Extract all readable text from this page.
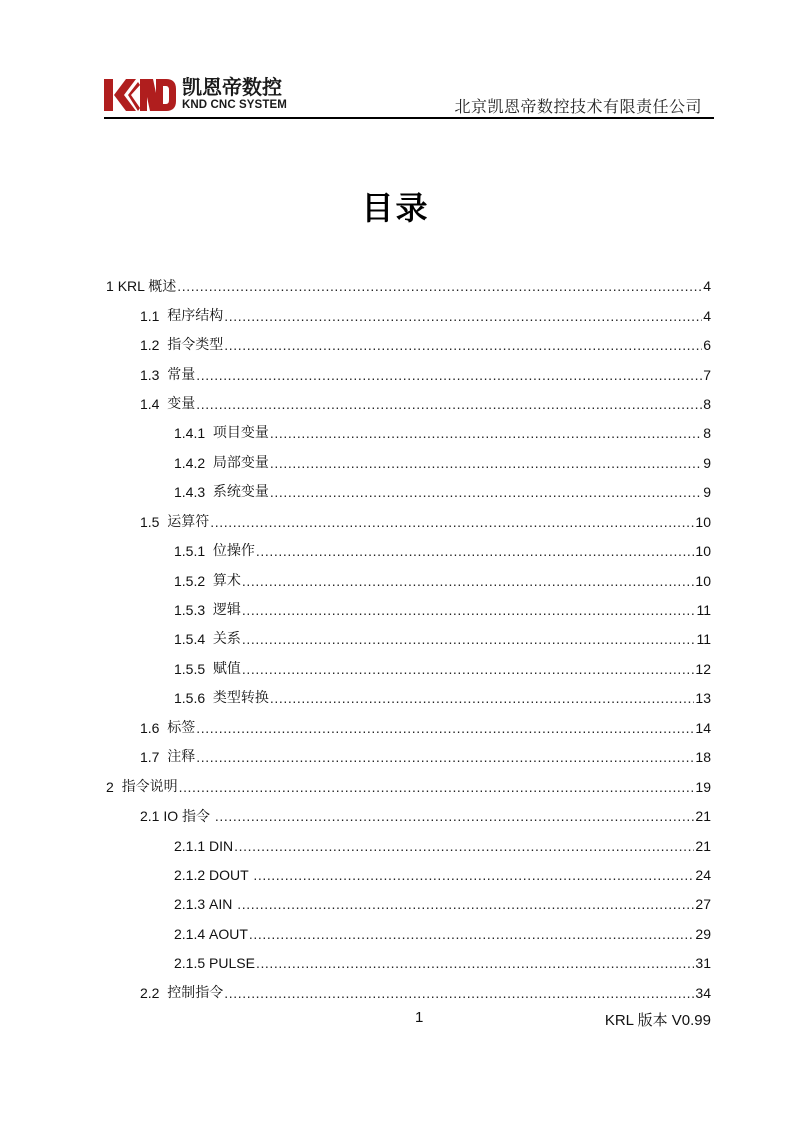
凯恩帝数控
KND CNC SYSTEM	北京凯恩帝数控技术有限责任公司
目录
1 KRL 概述 .....	4
1.1 程序结构 .....	4
1.2 指令类型 .....	6
1.3 常量 .....	7
1.4 变量 .....	8
1.4.1 项目变量 .....	8
1.4.2 局部变量 .....	9
1.4.3 系统变量 .....	9
1.5 运算符 .....	10
1.5.1 位操作 .....	10
1.5.2 算术 .....	10
1.5.3 逻辑 .....	11
1.5.4 关系 .....	11
1.5.5 赋值 .....	12
1.5.6 类型转换 .....	13
1.6 标签 .....	14
1.7 注释 .....	18
2 指令说明 .....	19
2.1 IO 指令 .....	21
2.1.1 DIN .....	21
2.1.2 DOUT .....	24
2.1.3 AIN .....	27
2.1.4 AOUT .....	29
2.1.5 PULSE .....	31
2.2 控制指令 .....	34
1	KRL 版本 V0.99
